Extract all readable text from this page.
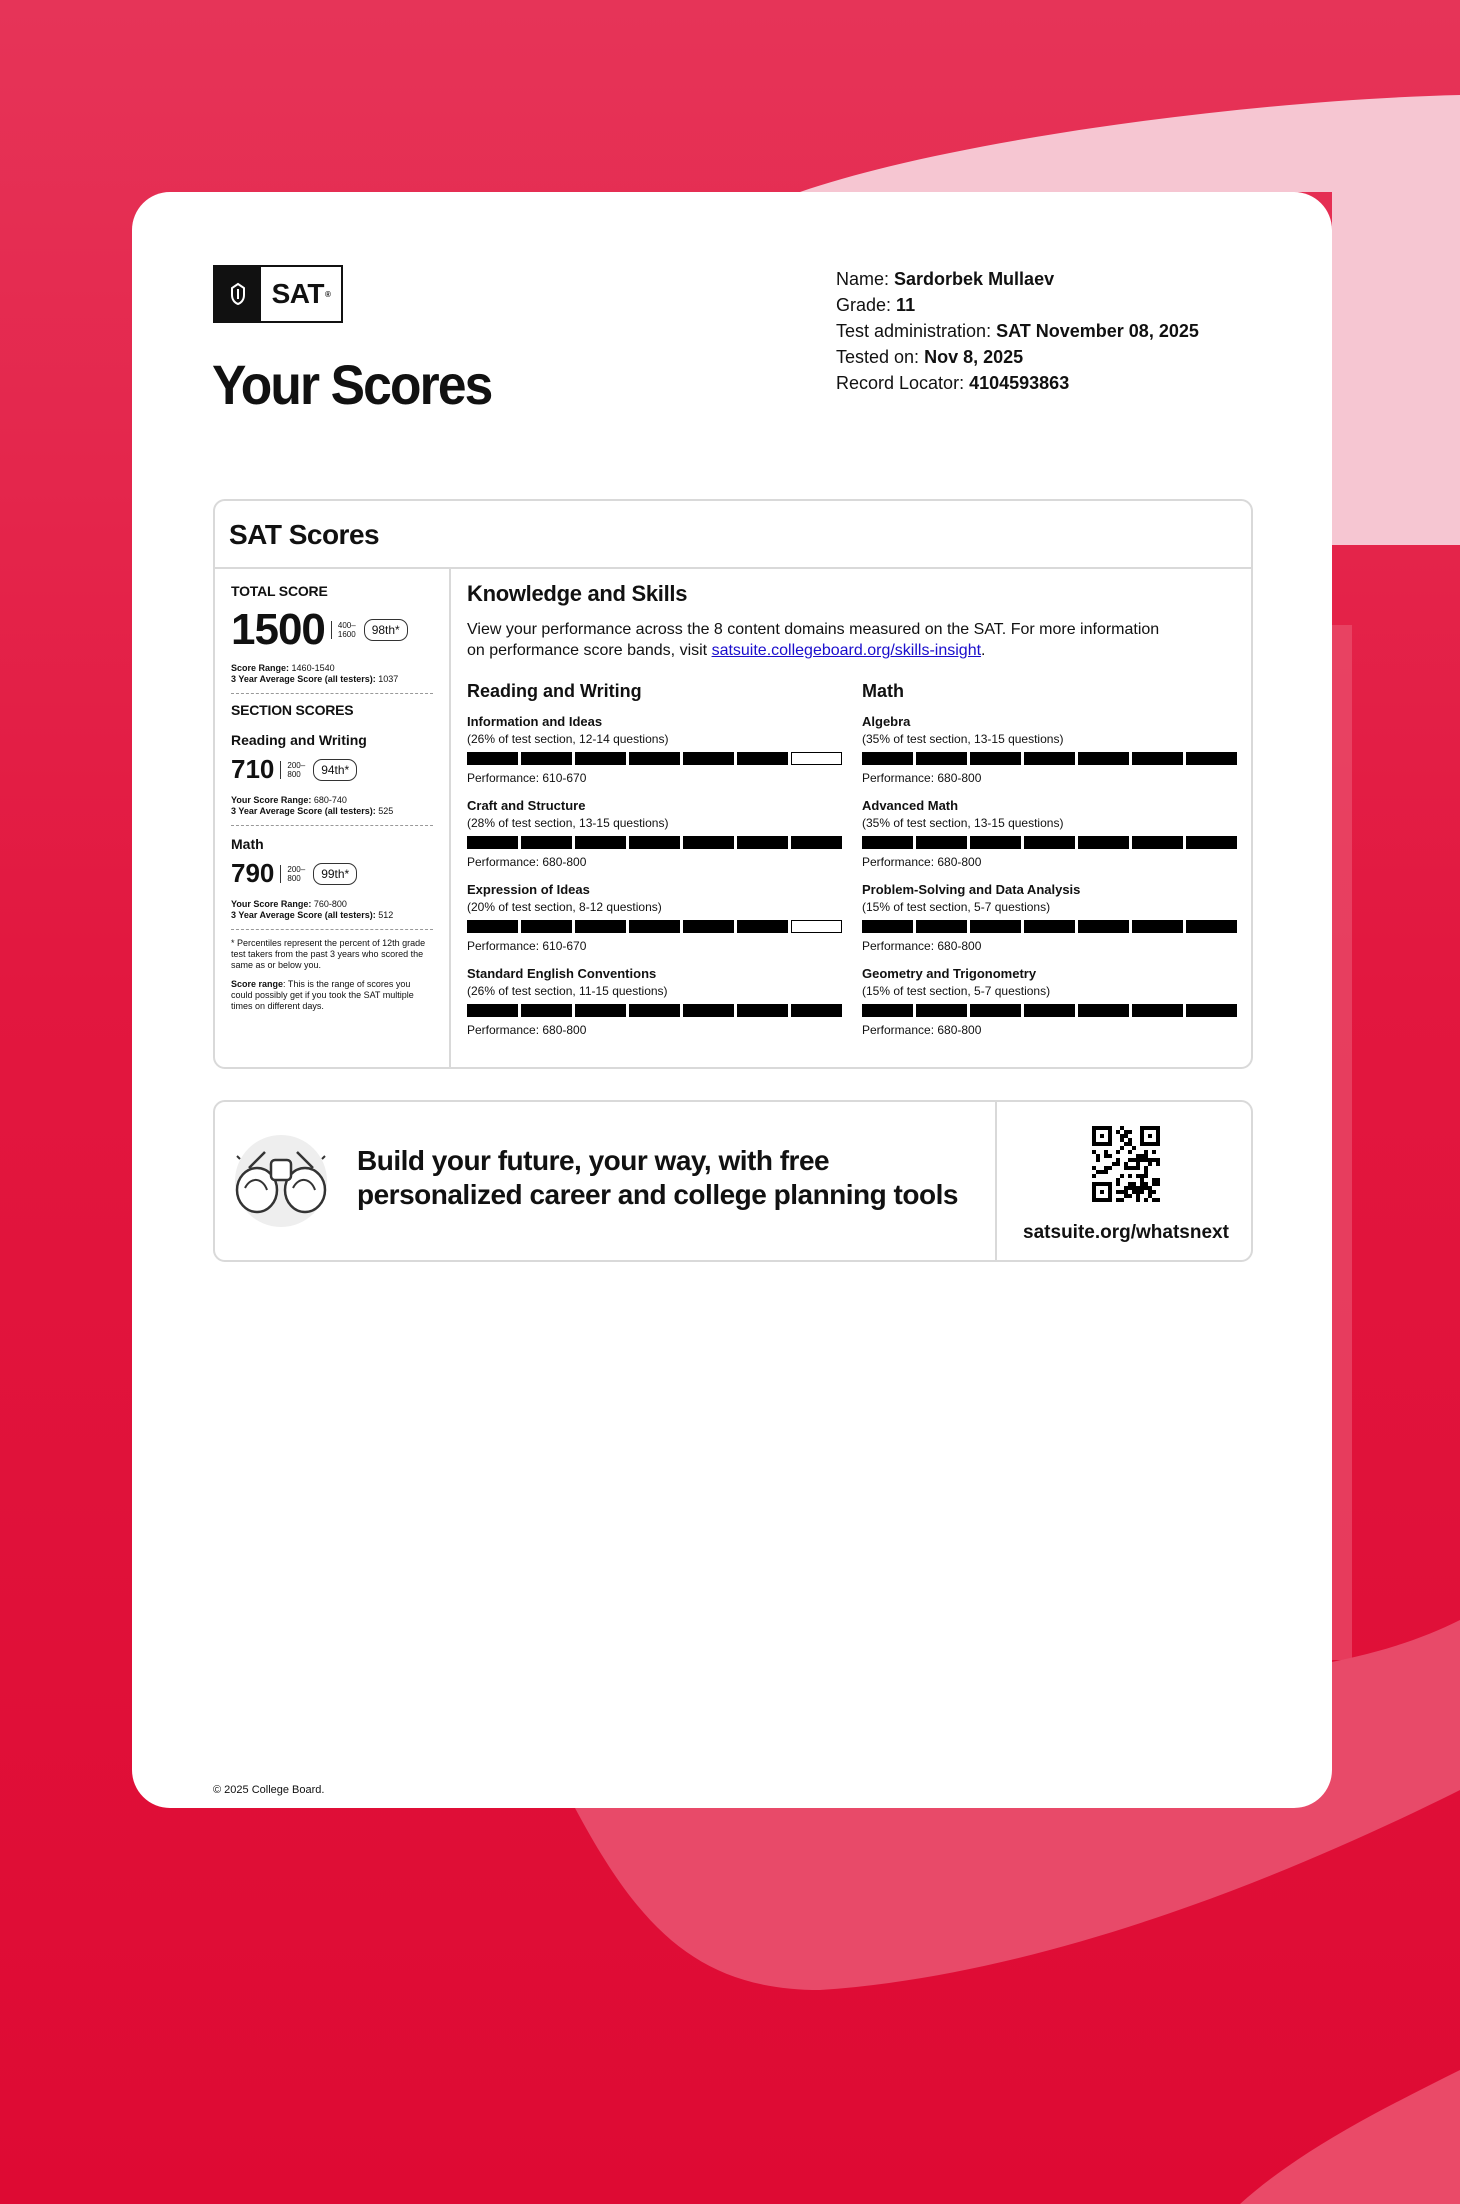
SAT ®
Your Scores
Name: Sardorbek Mullaev
Grade: 11
Test administration: SAT November 08, 2025
Tested on: Nov 8, 2025
Record Locator: 4104593863
SAT Scores
TOTAL SCORE
1500	400–
1600	98th*
Score Range: 1460-1540
3 Year Average Score (all testers): 1037
SECTION SCORES
Reading and Writing
710	200–
800	94th*
Your Score Range: 680-740
3 Year Average Score (all testers): 525
Math
790	200–
800	99th*
Your Score Range: 760-800
3 Year Average Score (all testers): 512
* Percentiles represent the percent of 12th grade test takers from the past 3 years who scored the same as or below you.
Score range: This is the range of scores you could possibly get if you took the SAT multiple times on different days.
Knowledge and Skills
View your performance across the 8 content domains measured on the SAT. For more information on performance score bands, visit satsuite.collegeboard.org/skills-insight.
Reading and Writing
Information and Ideas
(26% of test section, 12-14 questions)
Performance: 610-670
Craft and Structure
(28% of test section, 13-15 questions)
Performance: 680-800
Expression of Ideas
(20% of test section, 8-12 questions)
Performance: 610-670
Standard English Conventions
(26% of test section, 11-15 questions)
Performance: 680-800
Math
Algebra
(35% of test section, 13-15 questions)
Performance: 680-800
Advanced Math
(35% of test section, 13-15 questions)
Performance: 680-800
Problem-Solving and Data Analysis
(15% of test section, 5-7 questions)
Performance: 680-800
Geometry and Trigonometry
(15% of test section, 5-7 questions)
Performance: 680-800
Build your future, your way, with free personalized career and college planning tools
satsuite.org/whatsnext
© 2025 College Board.
